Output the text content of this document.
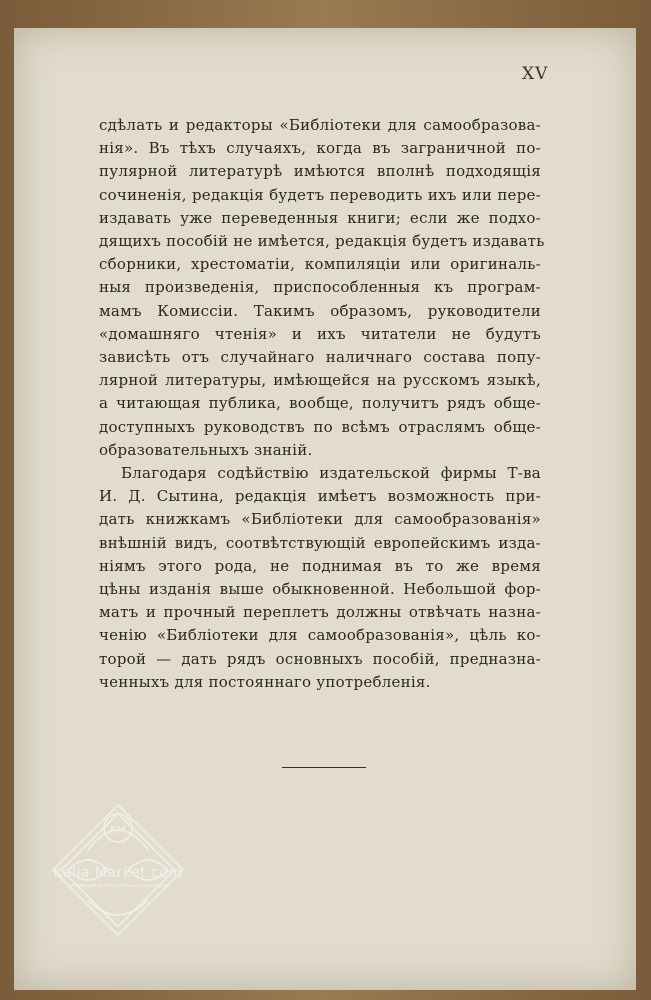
XV
сдѣлать и редакторы «Библіотеки для самообразова-
нія». Въ тѣхъ случаяхъ, когда въ заграничной по-
пулярной литературѣ имѣются вполнѣ подходящія
сочиненія, редакція будетъ переводить ихъ или пере-
издавать уже переведенныя книги; если же подхо-
дящихъ пособій не имѣется, редакція будетъ издавать
сборники, хрестоматіи, компиляціи или оригиналь-
ныя произведенія, приспособленныя къ програм-
мамъ Комиссіи. Такимъ образомъ, руководители
«домашняго чтенія» и ихъ читатели не будутъ
зависѣть отъ случайнаго наличнаго состава попу-
лярной литературы, имѣющейся на русскомъ языкѣ,
а читающая публика, вообще, получитъ рядъ обще-
доступныхъ руководствъ по всѣмъ отраслямъ обще-
образовательныхъ знаній.
Благодаря содѣйствію издательской фирмы Т-ва
И. Д. Сытина, редакція имѣетъ возможность при-
дать книжкамъ «Библіотеки для самообразованія»
внѣшній видъ, соотвѣтствующій европейскимъ изда-
ніямъ этого рода, не поднимая въ то же время
цѣны изданія выше обыкновенной. Небольшой фор-
матъ и прочный переплетъ должны отвѣчать назна-
ченію «Библіотеки для самообразованія», цѣль ко-
торой — дать рядъ основныхъ пособій, предназна-
ченныхъ для постояннаго употребленія.
KM
Kalia Market.com
антикварный мир книжных ценностей
